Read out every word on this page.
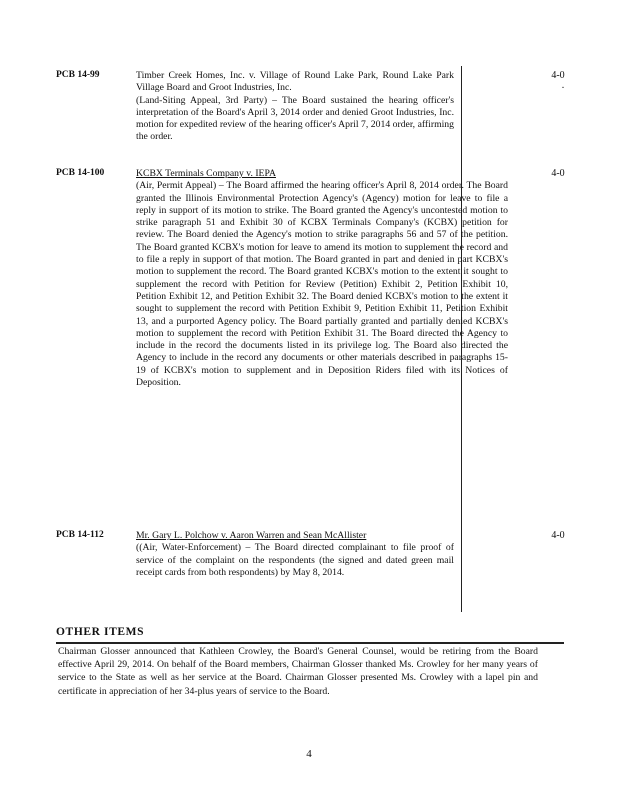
PCB 14-99	Timber Creek Homes, Inc. v. Village of Round Lake Park, Round Lake Park Village Board and Groot Industries, Inc.

(Land-Siting Appeal, 3rd Party) – The Board sustained the hearing officer's interpretation of the Board's April 3, 2014 order and denied Groot Industries, Inc. motion for expedited review of the hearing officer's April 7, 2014 order, affirming the order.

4-0
.
PCB 14-100	KCBX Terminals Company v. IEPA

(Air, Permit Appeal) – The Board affirmed the hearing officer's April 8, 2014 order. The Board granted the Illinois Environmental Protection Agency's (Agency) motion for leave to file a reply in support of its motion to strike. The Board granted the Agency's uncontested motion to strike paragraph 51 and Exhibit 30 of KCBX Terminals Company's (KCBX) petition for review. The Board denied the Agency's motion to strike paragraphs 56 and 57 of the petition. The Board granted KCBX's motion for leave to amend its motion to supplement the record and to file a reply in support of that motion. The Board granted in part and denied in part KCBX's motion to supplement the record. The Board granted KCBX's motion to the extent it sought to supplement the record with Petition for Review (Petition) Exhibit 2, Petition Exhibit 10, Petition Exhibit 12, and Petition Exhibit 32. The Board denied KCBX's motion to the extent it sought to supplement the record with Petition Exhibit 9, Petition Exhibit 11, Petition Exhibit 13, and a purported Agency policy. The Board partially granted and partially denied KCBX's motion to supplement the record with Petition Exhibit 31. The Board directed the Agency to include in the record the documents listed in its privilege log. The Board also directed the Agency to include in the record any documents or other materials described in paragraphs 15-19 of KCBX's motion to supplement and in Deposition Riders filed with its Notices of Deposition.

4-0
PCB 14-112	Mr. Gary L. Polchow v. Aaron Warren and Sean McAllister

((Air, Water-Enforcement) – The Board directed complainant to file proof of service of the complaint on the respondents (the signed and dated green mail receipt cards from both respondents) by May 8, 2014.

4-0
OTHER ITEMS
Chairman Glosser announced that Kathleen Crowley, the Board's General Counsel, would be retiring from the Board effective April 29, 2014. On behalf of the Board members, Chairman Glosser thanked Ms. Crowley for her many years of service to the State as well as her service at the Board. Chairman Glosser presented Ms. Crowley with a lapel pin and certificate in appreciation of her 34-plus years of service to the Board.
4
